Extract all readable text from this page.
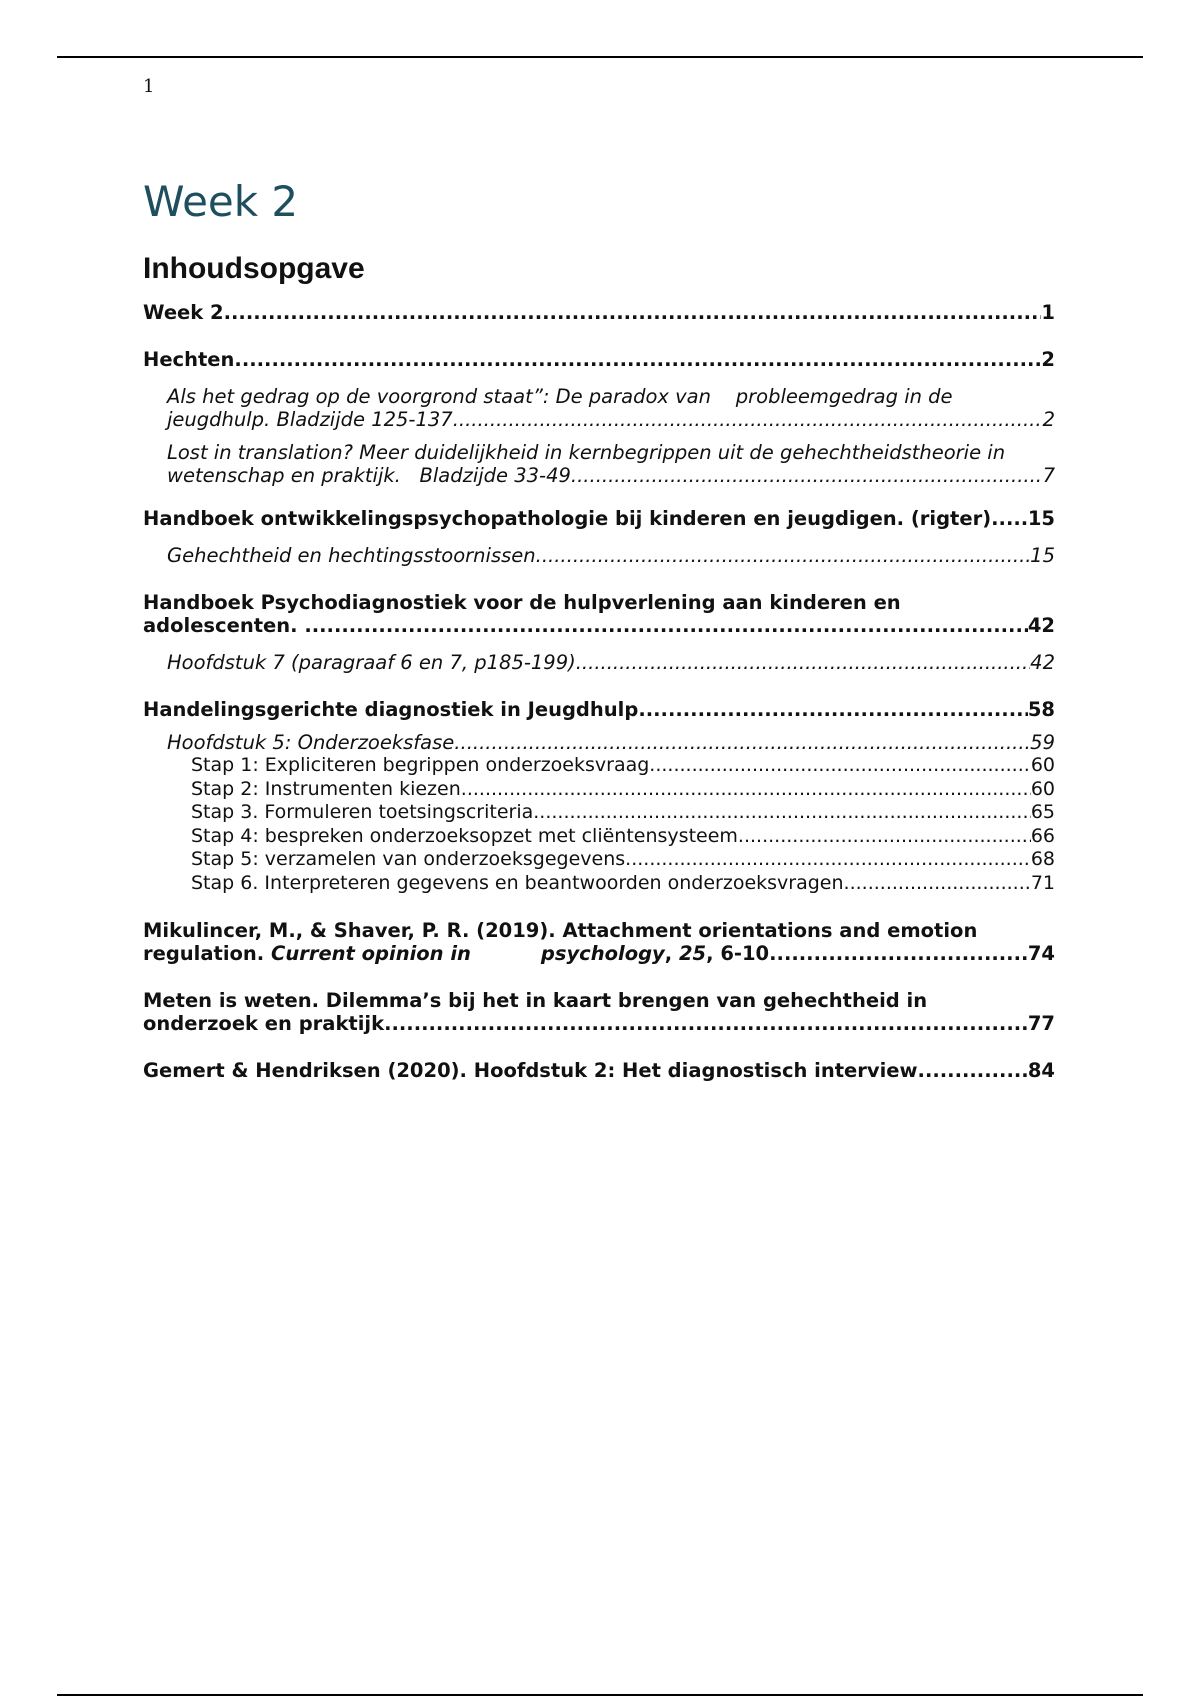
1
Week 2
Inhoudsopgave
Week 2 .....	1
Hechten .....	2
Als het gedrag op de voorgrond staat”: De paradox van    probleemgedrag in de
jeugdhulp. Bladzijde 125-137 .....	2
Lost in translation? Meer duidelijkheid in kernbegrippen uit de gehechtheidstheorie in
wetenschap en praktijk.   Bladzijde 33-49 .....	7
Handboek ontwikkelingspsychopathologie bij kinderen en jeugdigen. (rigter) ..... 15
Gehechtheid en hechtingsstoornissen .....	15
Handboek Psychodiagnostiek voor de hulpverlening aan kinderen en
adolescenten. .....	42
Hoofdstuk 7 (paragraaf 6 en 7, p185-199) .....	42
Handelingsgerichte diagnostiek in Jeugdhulp .....	58
Hoofdstuk 5: Onderzoeksfase .....	59
Stap 1: Expliciteren begrippen onderzoeksvraag .....	60
Stap 2: Instrumenten kiezen .....	60
Stap 3. Formuleren toetsingscriteria .....	65
Stap 4: bespreken onderzoeksopzet met cliëntensysteem .....	66
Stap 5: verzamelen van onderzoeksgegevens .....	68
Stap 6. Interpreteren gegevens en beantwoorden onderzoeksvragen .....	71
Mikulincer, M., & Shaver, P. R. (2019). Attachment orientations and emotion
regulation. Current opinion in	psychology, 25, 6-10 .....	74
Meten is weten. Dilemma’s bij het in kaart brengen van gehechtheid in
onderzoek en praktijk .....	77
Gemert & Hendriksen (2020). Hoofdstuk 2: Het diagnostisch interview .....	84
